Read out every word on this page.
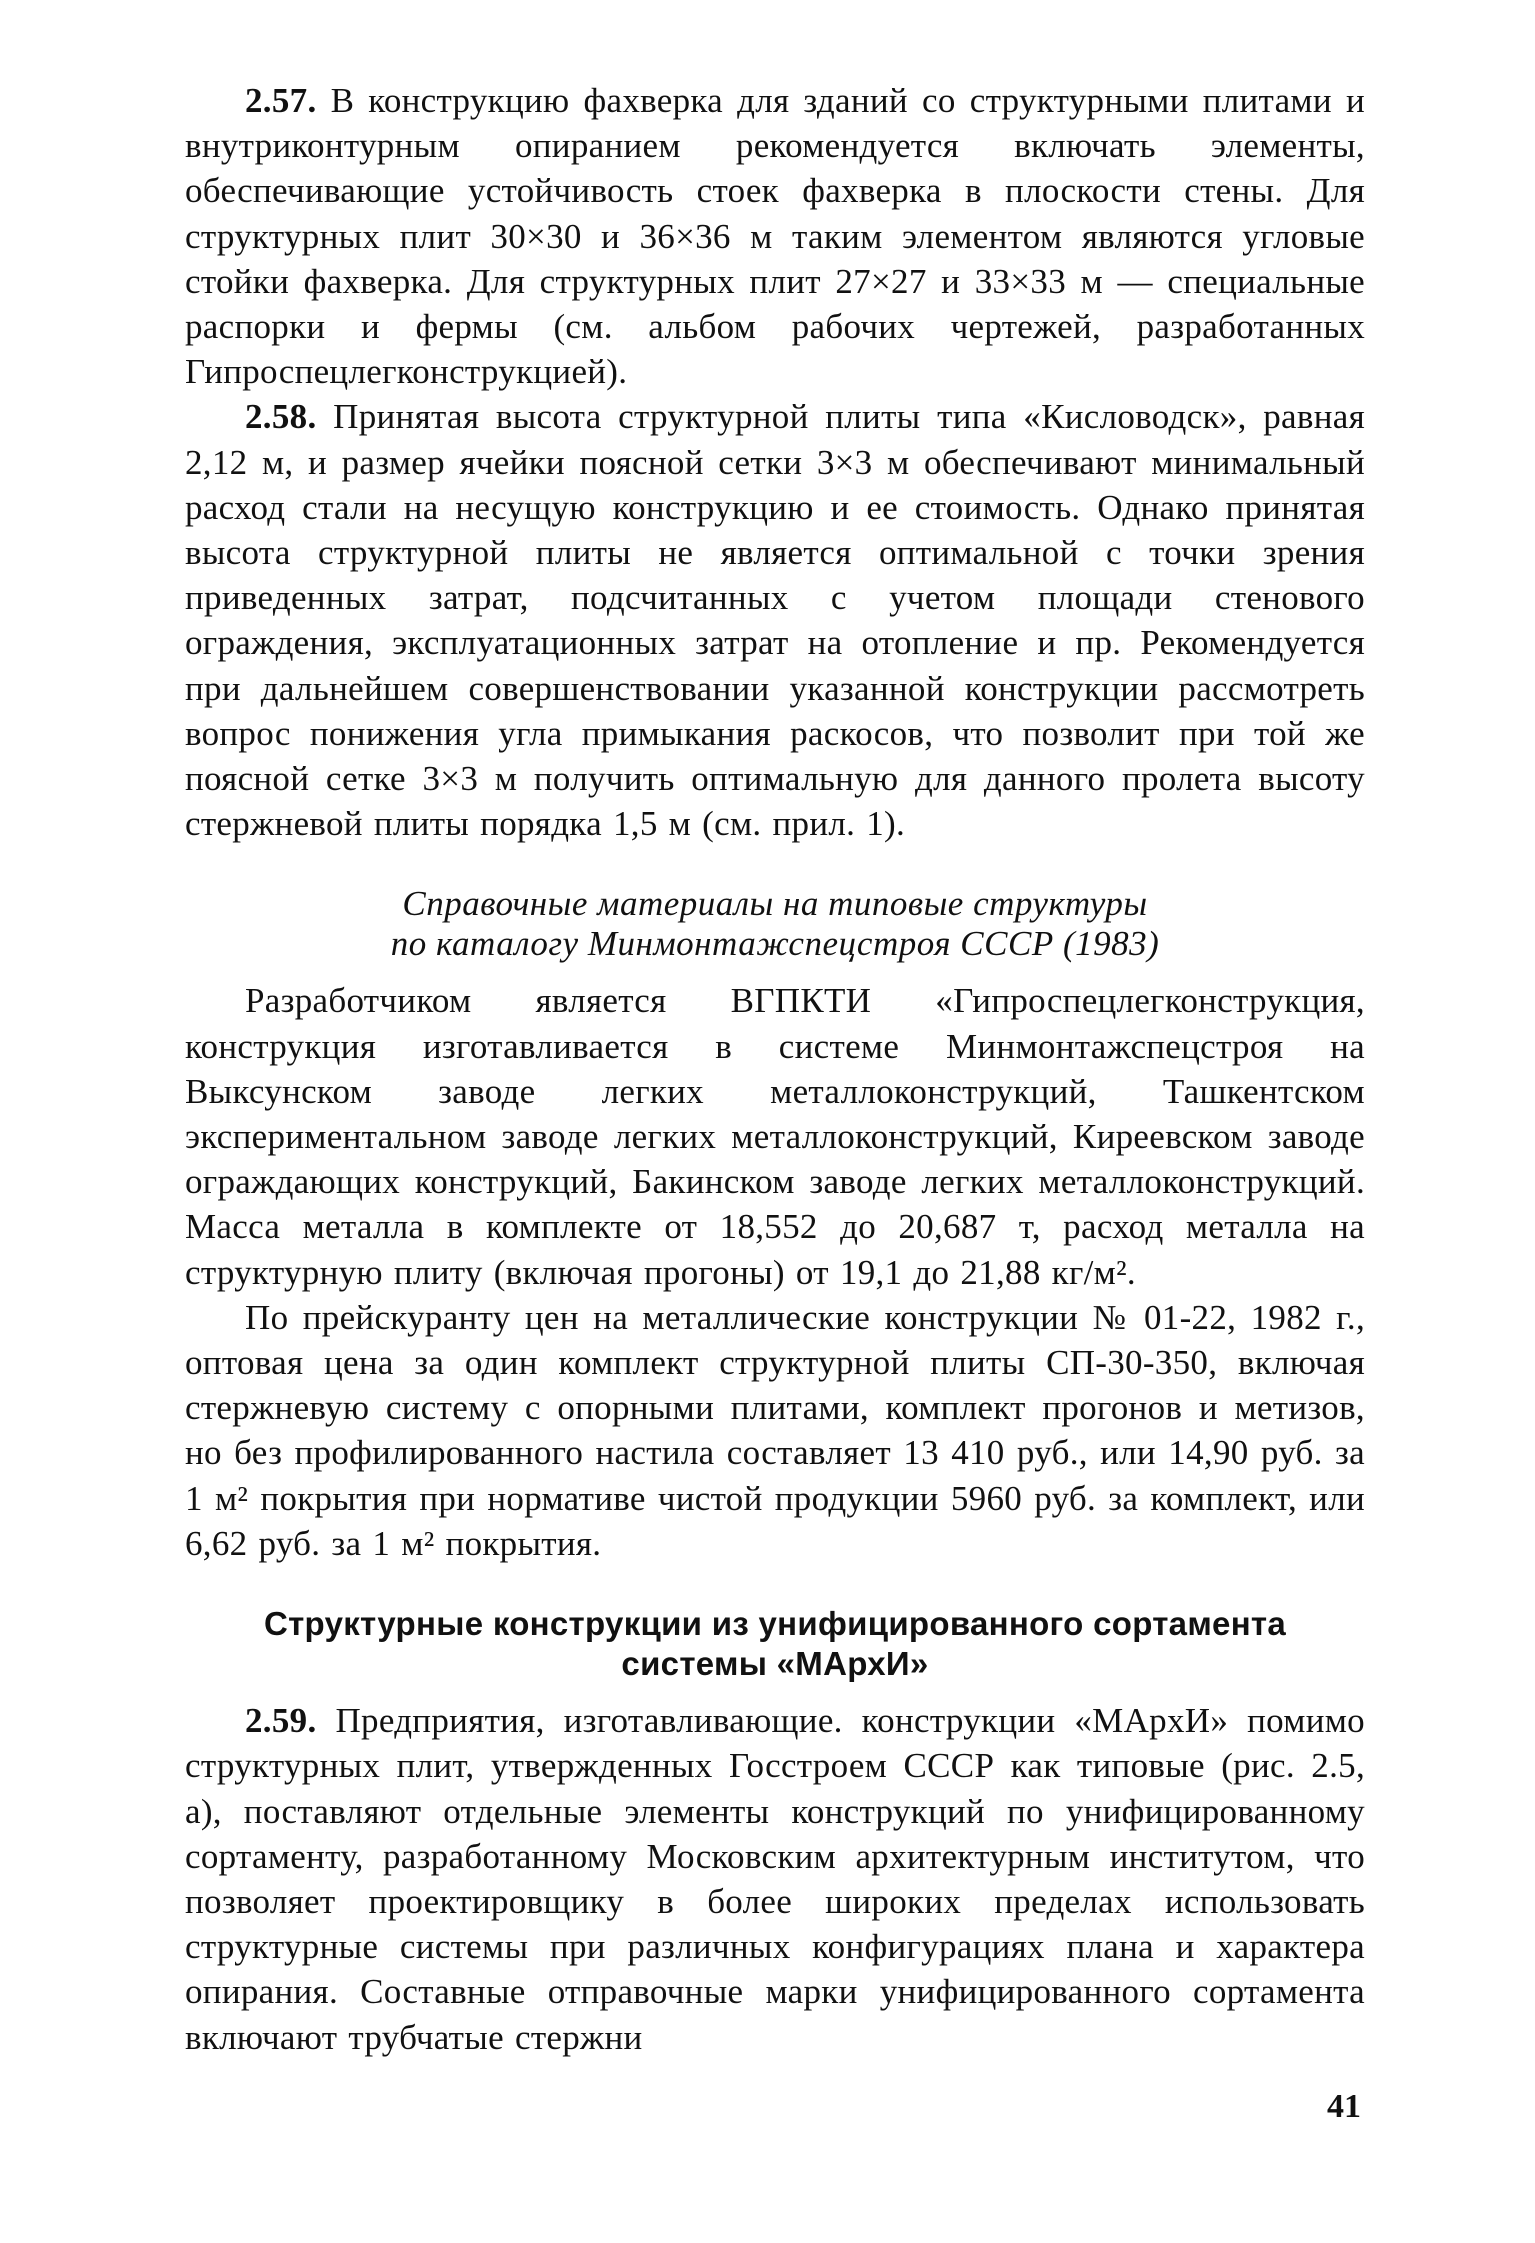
2.57. В конструкцию фахверка для зданий со структурными плитами и внутриконтурным опиранием рекомендуется включать элементы, обеспечивающие устойчивость стоек фахверка в плоскости стены. Для структурных плит 30×30 и 36×36 м таким элементом являются угловые стойки фахверка. Для структурных плит 27×27 и 33×33 м — специальные распорки и фермы (см. альбом рабочих чертежей, разработанных Гипроспецлегконструкцией).

2.58. Принятая высота структурной плиты типа «Кисловодск», равная 2,12 м, и размер ячейки поясной сетки 3×3 м обеспечивают минимальный расход стали на несущую конструкцию и ее стоимость. Однако принятая высота структурной плиты не является оптимальной с точки зрения приведенных затрат, подсчитанных с учетом площади стенового ограждения, эксплуатационных затрат на отопление и пр. Рекомендуется при дальнейшем совершенствовании указанной конструкции рассмотреть вопрос понижения угла примыкания раскосов, что позволит при той же поясной сетке 3×3 м получить оптимальную для данного пролета высоту стержневой плиты порядка 1,5 м (см. прил. 1).

Справочные материалы на типовые структуры
по каталогу Минмонтажспецстроя СССР (1983)

Разработчиком является ВГПКТИ «Гипроспецлегконструкция, конструкция изготавливается в системе Минмонтажспецстроя на Выксунском заводе легких металлоконструкций, Ташкентском экспериментальном заводе легких металлоконструкций, Киреевском заводе ограждающих конструкций, Бакинском заводе легких металлоконструкций. Масса металла в комплекте от 18,552 до 20,687 т, расход металла на структурную плиту (включая прогоны) от 19,1 до 21,88 кг/м².

По прейскуранту цен на металлические конструкции № 01-22, 1982 г., оптовая цена за один комплект структурной плиты СП-30-350, включая стержневую систему с опорными плитами, комплект прогонов и метизов, но без профилированного настила составляет 13 410 руб., или 14,90 руб. за 1 м² покрытия при нормативе чистой продукции 5960 руб. за комплект, или 6,62 руб. за 1 м² покрытия.

Структурные конструкции из унифицированного сортамента
системы «МАрхИ»

2.59. Предприятия, изготавливающие. конструкции «МАрхИ» помимо структурных плит, утвержденных Госстроем СССР как типовые (рис. 2.5, а), поставляют отдельные элементы конструкций по унифицированному сортаменту, разработанному Московским архитектурным институтом, что позволяет проектировщику в более широких пределах использовать структурные системы при различных конфигурациях плана и характера опирания. Составные отправочные марки унифицированного сортамента включают трубчатые стержни

41
